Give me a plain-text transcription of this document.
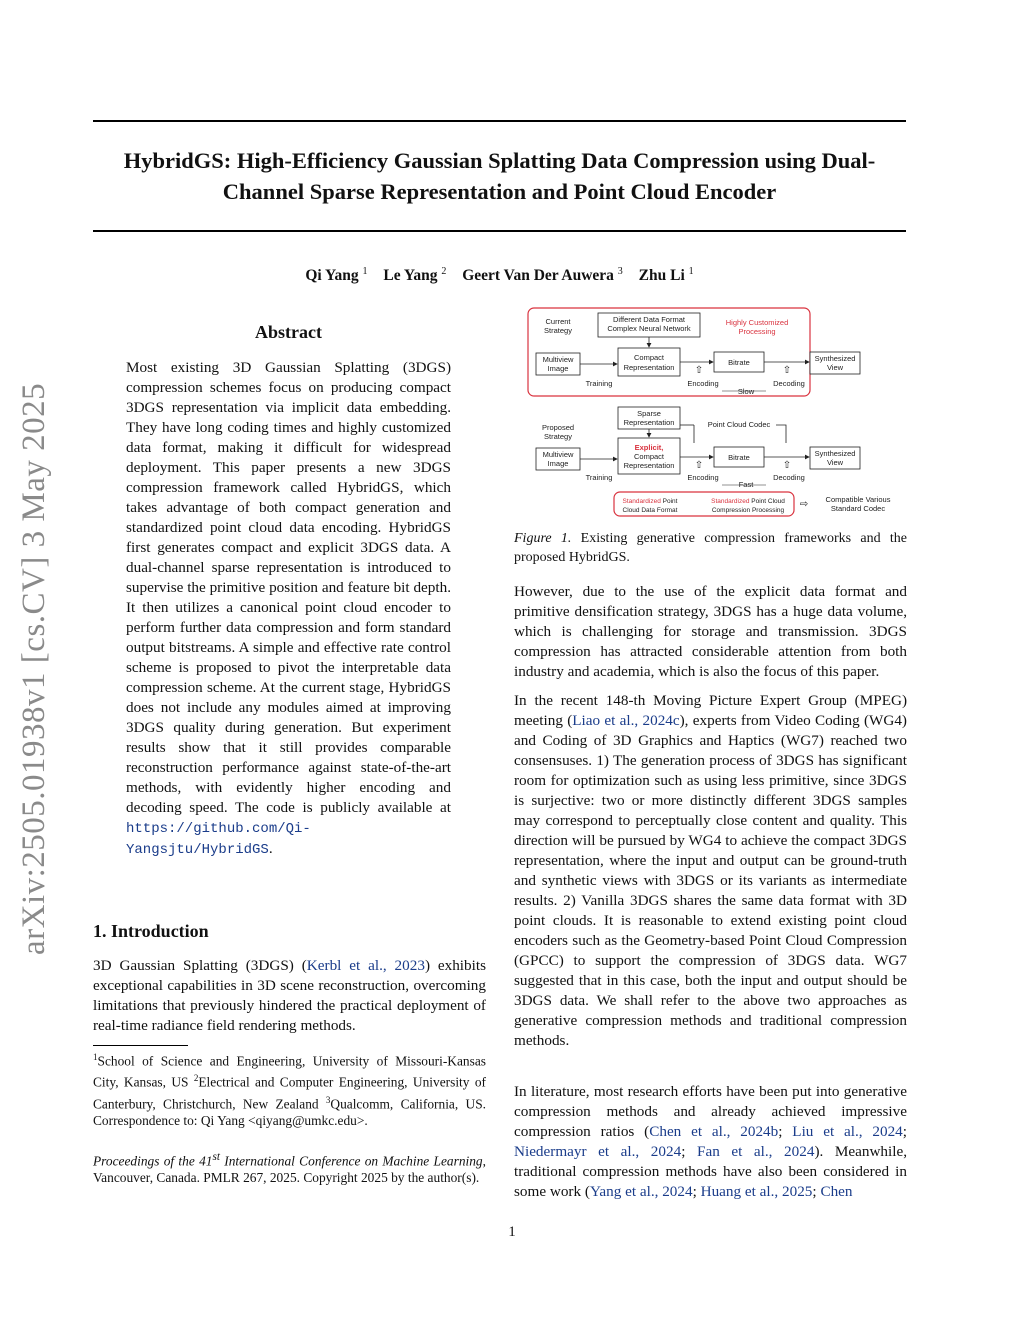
arXiv:2505.01938v1 [cs.CV] 3 May 2025
HybridGS: High-Efficiency Gaussian Splatting Data Compression using Dual-Channel Sparse Representation and Point Cloud Encoder
Qi Yang $^1$ Le Yang $^2$ Geert Van Der Auwera $^3$ Zhu Li $^1$
Abstract
Most existing 3D Gaussian Splatting (3DGS) compression schemes focus on producing compact 3DGS representation via implicit data embedding. They have long coding times and highly customized data format, making it difficult for widespread deployment. This paper presents a new 3DGS compression framework called HybridGS, which takes advantage of both compact generation and standardized point cloud data encoding. HybridGS first generates compact and explicit 3DGS data. A dual-channel sparse representation is introduced to supervise the primitive position and feature bit depth. It then utilizes a canonical point cloud encoder to perform further data compression and form standard output bitstreams. A simple and effective rate control scheme is proposed to pivot the interpretable data compression scheme. At the current stage, HybridGS does not include any modules aimed at improving 3DGS quality during generation. But experiment results show that it still provides comparable reconstruction performance against state-of-the-art methods, with evidently higher encoding and decoding speed. The code is publicly available at https://github.com/Qi-Yangsjtu/HybridGS.
1. Introduction
3D Gaussian Splatting (3DGS) (Kerbl et al., 2023) exhibits exceptional capabilities in 3D scene reconstruction, overcoming limitations that previously hindered the practical deployment of real-time radiance field rendering methods.
$^1$School of Science and Engineering, University of Missouri-Kansas City, Kansas, US $^2$Electrical and Computer Engineering, University of Canterbury, Christchurch, New Zealand $^3$Qualcomm, California, US. Correspondence to: Qi Yang <qiyang@umkc.edu>.
Proceedings of the 41st International Conference on Machine Learning, Vancouver, Canada. PMLR 267, 2025. Copyright 2025 by the author(s).
Current
Strategy
Different Data Format
Complex Neural Network
Highly Customized
Processing
Multiview
Image
Compact
Representation
Bitrate	Synthesized
View
Training
⇧
Encoding
⇧
Decoding
Slow
Proposed
Strategy
Sparse
Representation	Point Cloud Codec
Multiview
Image
Explicit,
Compact
Representation
Bitrate	Synthesized
View
Training
⇧
Encoding
⇧
Decoding
Fast
Standardized Point
Cloud Data Format
Standardized Point Cloud
Compression Processing
⇨ Compatible Various
Standard Codec
Figure 1. Existing generative compression frameworks and the proposed HybridGS.
However, due to the use of the explicit data format and primitive densification strategy, 3DGS has a huge data volume, which is challenging for storage and transmission. 3DGS compression has attracted considerable attention from both industry and academia, which is also the focus of this paper.
In the recent 148-th Moving Picture Expert Group (MPEG) meeting (Liao et al., 2024c), experts from Video Coding (WG4) and Coding of 3D Graphics and Haptics (WG7) reached two consensuses. 1) The generation process of 3DGS has significant room for optimization such as using less primitive, since 3DGS is surjective: two or more distinctly different 3DGS samples may correspond to perceptually close content and quality. This direction will be pursued by WG4 to achieve the compact 3DGS representation, where the input and output can be ground-truth and synthetic views with 3DGS or its variants as intermediate results. 2) Vanilla 3DGS shares the same data format with 3D point clouds. It is reasonable to extend existing point cloud encoders such as the Geometry-based Point Cloud Compression (GPCC) to support the compression of 3DGS data. WG7 suggested that in this case, both the input and output should be 3DGS data. We shall refer to the above two approaches as generative compression methods and traditional compression methods.
In literature, most research efforts have been put into generative compression methods and already achieved impressive compression ratios (Chen et al., 2024b; Liu et al., 2024; Niedermayr et al., 2024; Fan et al., 2024). Meanwhile, traditional compression methods have also been considered in some work (Yang et al., 2024; Huang et al., 2025; Chen
1
